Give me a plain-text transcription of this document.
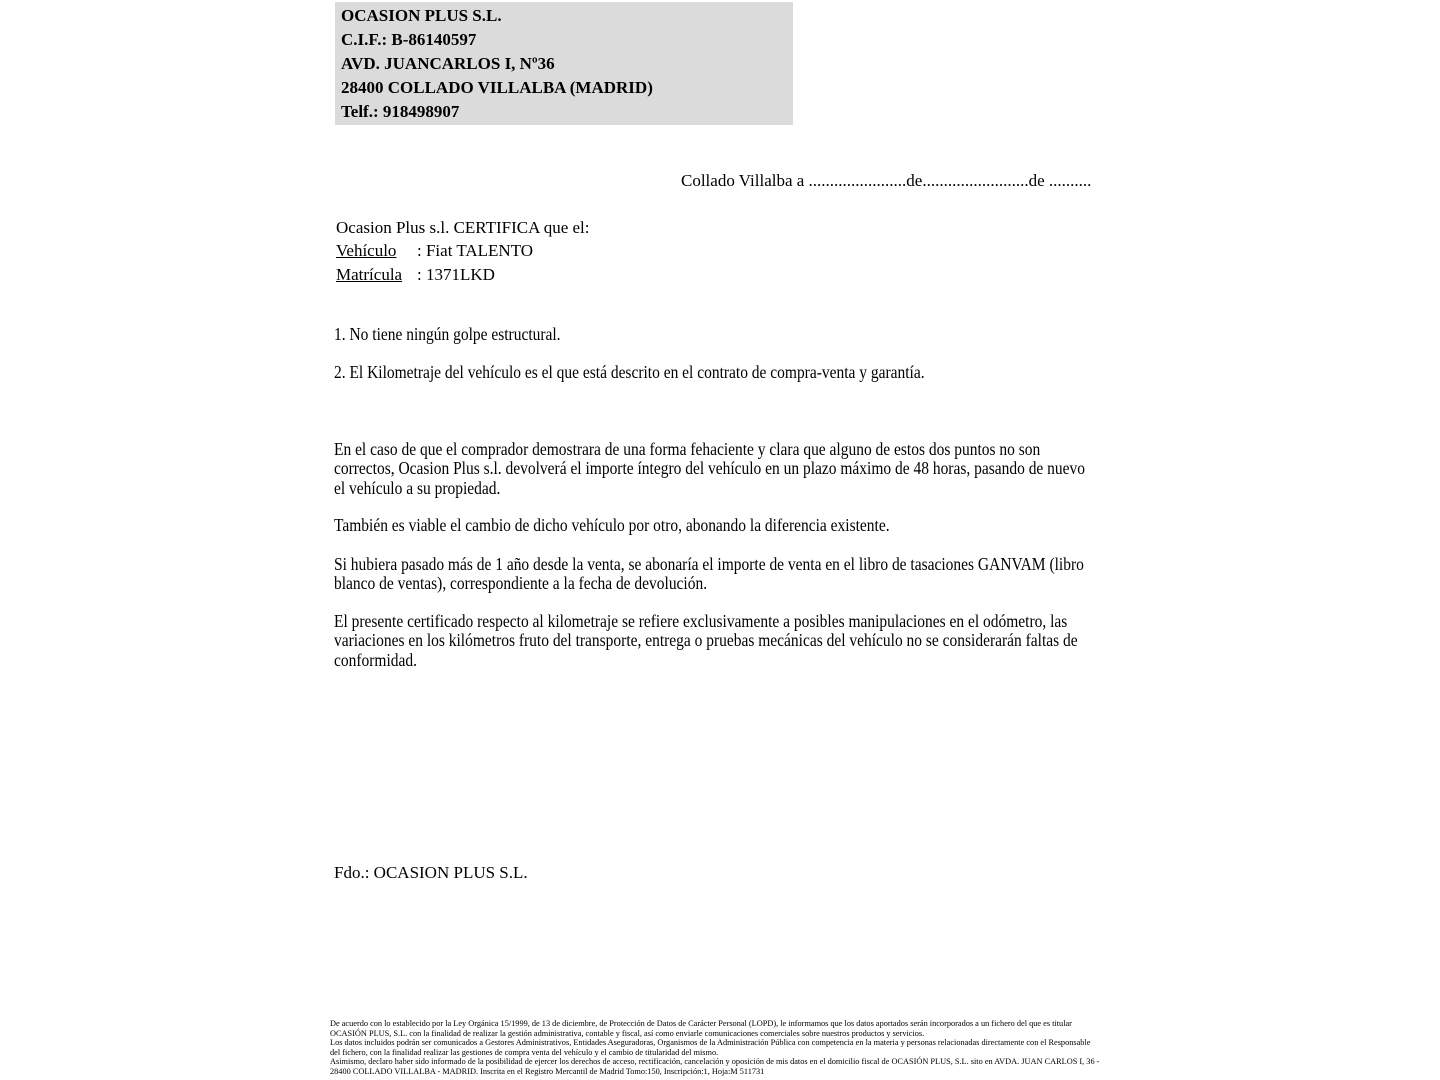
OCASION PLUS S.L.
C.I.F.: B-86140597
AVD. JUANCARLOS I, Nº36
28400 COLLADO VILLALBA (MADRID)
Telf.: 918498907
Collado Villalba a .......................de.........................de ..........
Ocasion Plus s.l. CERTIFICA que el:
Vehículo : Fiat TALENTO
Matrícula : 1371LKD
1. No tiene ningún golpe estructural.
2. El Kilometraje del vehículo es el que está descrito en el contrato de compra-venta y garantía.
En el caso de que el comprador demostrara de una forma fehaciente y clara que alguno de estos dos puntos no son correctos, Ocasion Plus s.l. devolverá el importe íntegro del vehículo en un plazo máximo de 48 horas, pasando de nuevo el vehículo a su propiedad.
También es viable el cambio de dicho vehículo por otro, abonando la diferencia existente.
Si hubiera pasado más de 1 año desde la venta, se abonaría el importe de venta en el libro de tasaciones GANVAM (libro blanco de ventas), correspondiente a la fecha de devolución.
El presente certificado respecto al kilometraje se refiere exclusivamente a posibles manipulaciones en el odómetro, las variaciones en los kilómetros fruto del transporte, entrega o pruebas mecánicas del vehículo no se considerarán faltas de conformidad.
Fdo.: OCASION PLUS S.L.
De acuerdo con lo establecido por la Ley Orgánica 15/1999, de 13 de diciembre, de Protección de Datos de Carácter Personal (LOPD), le informamos que los datos aportados serán incorporados a un fichero del que es titular OCASIÓN PLUS, S.L. con la finalidad de realizar la gestión administrativa, contable y fiscal, así como enviarle comunicaciones comerciales sobre nuestros productos y servicios.
Los datos incluidos podrán ser comunicados a Gestores Administrativos, Entidades Aseguradoras, Organismos de la Administración Pública con competencia en la materia y personas relacionadas directamente con el Responsable del fichero, con la finalidad realizar las gestiones de compra venta del vehículo y el cambio de titularidad del mismo.
Asimismo, declaro haber sido informado de la posibilidad de ejercer los derechos de acceso, rectificación, cancelación y oposición de mis datos en el domicilio fiscal de OCASIÓN PLUS, S.L. sito en AVDA. JUAN CARLOS I, 36 - 28400 COLLADO VILLALBA - MADRID. Inscrita en el Registro Mercantil de Madrid Tomo:150, Inscripción:1, Hoja:M 511731
